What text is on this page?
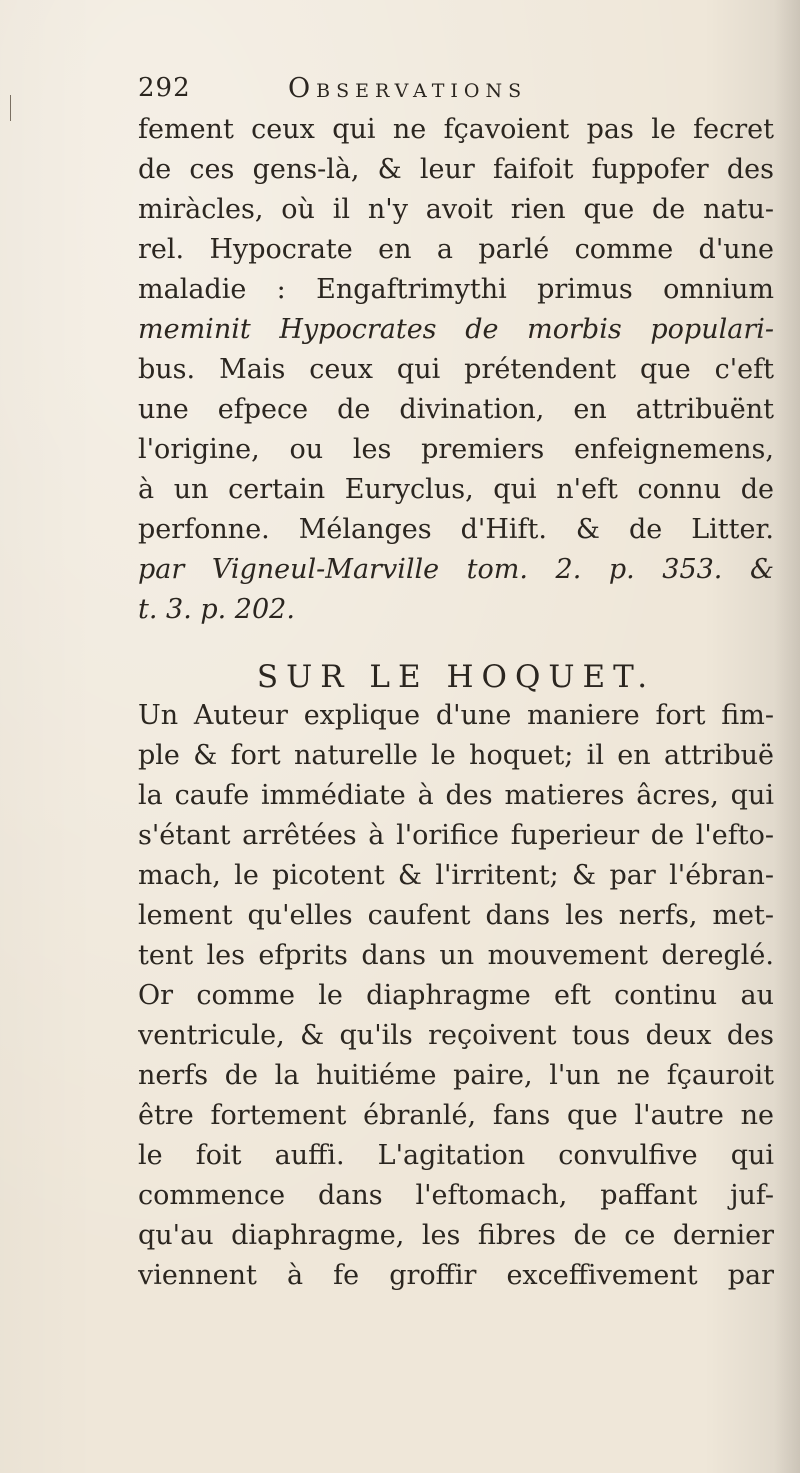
292	Observations
fement ceux qui ne fçavoient pas le fecret
de ces gens-là, & leur faifoit fuppofer des
miràcles, où il n'y avoit rien que de natu-
rel. Hypocrate en a parlé comme d'une
maladie : Engaftrimythi primus omnium
meminit Hypocrates de morbis populari-
bus. Mais ceux qui prétendent que c'eft
une efpece de divination, en attribuënt
l'origine, ou les premiers enfeignemens,
à un certain Euryclus, qui n'eft connu de
perfonne. Mélanges d'Hift. & de Litter.
par Vigneul-Marville tom. 2. p. 353. &
t. 3. p. 202.
SUR LE HOQUET.
Un Auteur explique d'une maniere fort fim-
ple & fort naturelle le hoquet; il en attribuë
la caufe immédiate à des matieres âcres, qui
s'étant arrêtées à l'orifice fuperieur de l'efto-
mach, le picotent & l'irritent; & par l'ébran-
lement qu'elles caufent dans les nerfs, met-
tent les efprits dans un mouvement dereglé.
Or comme le diaphragme eft continu au
ventricule, & qu'ils reçoivent tous deux des
nerfs de la huitiéme paire, l'un ne fçauroit
être fortement ébranlé, fans que l'autre ne
le foit auffi. L'agitation convulfive qui
commence dans l'eftomach, paffant juf-
qu'au diaphragme, les fibres de ce dernier
viennent à fe groffir exceffivement par
